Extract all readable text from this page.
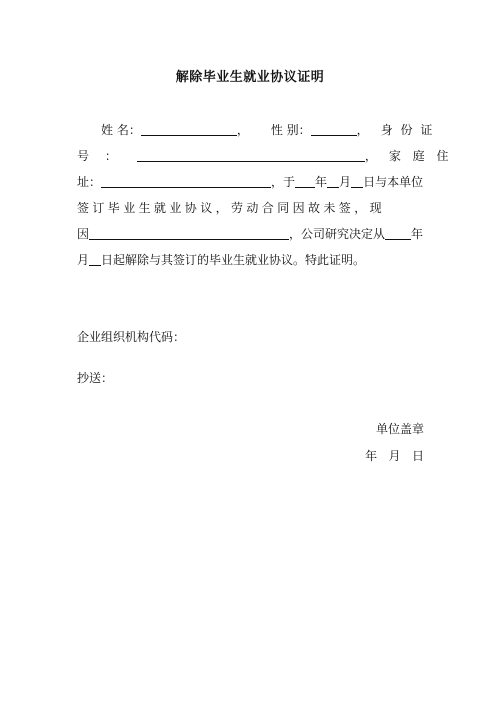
解除毕业生就业协议证明
姓 名：	， 性 别：	， 身 份 证
号 ：	， 家 庭 住
址：	，于 年 月 日与本单位
签订毕业生就业协议，劳动合同因故未签，现
因	，公司研究决定从 年
月 日起解除与其签订的毕业生就业协议。特此证明。
企业组织机构代码：
抄送：
单位盖章
年   月   日
